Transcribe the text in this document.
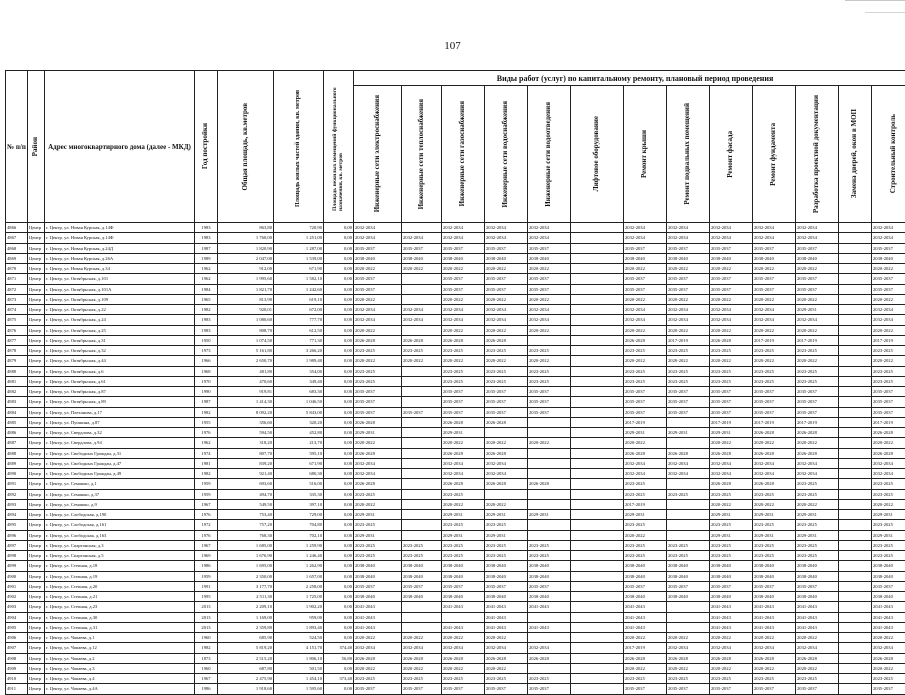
107
№ п/п	Район	Адрес многоквартирного дома (далее - МКД)	Год постройки	Общая площадь, кв.метров	Площадь жилых частей здания, кв. метров	Площадь нежилых помещений функционального назначения, кв. метров	Виды работ (услуг) по капитальному ремонту, плановый период проведения												

							Инженерные сети электроснабжения	Инженерные сети теплоснабжения	Инженерные сети газоснабжения	Инженерные сети водоснабжения	Инженерные сети водоотведения	Лифтовое оборудование	Ремонт крыши	Ремонт подвальных помещений	Ремонт фасада	Ремонт фундамента	Разработка проектной документации	Замена дверей, окон в МОП	Строительный контроль

4866	Центр	г. Центр, ул. Новая Курская, д.14Ф	1983	863,80	720,90	0,00	2032-2034		2032-2034	2032-2034	2032-2034		2032-2034	2032-2034	2032-2034	2032-2034	2032-2034		2032-2034
4867	Центр	г. Центр, ул. Новая Курская, д.14Ф	1983	1 760,00	1 251,00	0,00	2032-2034	2032-2034	2032-2034	2032-2034	2032-2034		2032-2034	2032-2034	2032-2034	2032-2034	2032-2034		2032-2034
4868	Центр	г. Центр, ул. Новая Курская, д.24Д	1987	1 820,90	1 287,00	0,00	2035-2037	2035-2037	2035-2037	2035-2037	2035-2037		2035-2037	2035-2037	2035-2037	2035-2037	2035-2037		2035-2037
4869	Центр	г. Центр, ул. Новая Курская, д.26А	1989	2 047,00	1 539,00	0,00	2038-2040	2038-2040	2038-2040	2038-2040	2038-2040		2038-2040	2038-2040	2038-2040	2038-2040	2038-2040		2038-2040
4870	Центр	г. Центр, ул. Новая Курская, д.34	1962	912,00	671,90	0,00	2020-2022	2020-2022	2020-2022	2020-2022	2020-2022		2020-2022	2020-2022	2020-2022	2020-2022	2020-2022		2020-2022
4871	Центр	г. Центр, ул. Октябрьская, д.101	1962	1 995,60	1 582,10	0,00	2035-2037		2035-2037	2035-2037	2035-2037		2035-2037	2035-2037	2035-2037	2035-2037	2035-2037		2035-2037
4872	Центр	г. Центр, ул. Октябрьская, д.101А	1984	1 821,70	1 242,60	0,00	2035-2037		2035-2037	2035-2037	2035-2037		2035-2037	2035-2037	2035-2037	2035-2037	2035-2037		2035-2037
4873	Центр	г. Центр, ул. Октябрьская, д.109	1965	813,90	619,10	0,00	2020-2022		2020-2022	2020-2022	2020-2022		2020-2022	2020-2022	2020-2022	2020-2022	2020-2022		2020-2022
4874	Центр	г. Центр, ул. Октябрьская, д.22	1982	920,01	672,00	0,00	2032-2034	2032-2034	2032-2034	2032-2034	2032-2034		2032-2034	2032-2034	2032-2034	2032-2034	2029-2031		2032-2034
4875	Центр	г. Центр, ул. Октябрьская, д.24	1983	1 080,60	777,70	0,00	2032-2034	2032-2034	2032-2034	2032-2034	2032-2034		2032-2034	2032-2034	2032-2034	2032-2034	2032-2034		2032-2034
4876	Центр	г. Центр, ул. Октябрьская, д.25	1983	808,70	612,50	0,00	2020-2022		2020-2022	2020-2022	2020-2022		2020-2022	2020-2022	2020-2022	2020-2022	2020-2022		2020-2022
4877	Центр	г. Центр, ул. Октябрьская, д.31	1950	1 074,50	771,30	0,00	2026-2028	2026-2028	2026-2028	2026-2028			2026-2028	2017-2019	2026-2028	2017-2019	2017-2019		2017-2019
4878	Центр	г. Центр, ул. Октябрьская, д.32	1973	5 161,80	3 266,20	0,00	2023-2025	2023-2025	2023-2025	2023-2025	2023-2025		2023-2025	2023-2025	2023-2025	2023-2025	2023-2025		2023-2025
4879	Центр	г. Центр, ул. Октябрьская, д.44	1966	2 650,70	1 989,40	0,00	2020-2022	2020-2022	2020-2022	2020-2022	2020-2022		2020-2022	2020-2022	2020-2022	2020-2022	2020-2022		2020-2022
4880	Центр	г. Центр, ул. Октябрьская, д.6	1968	481,80	354,00	0,00	2023-2025		2023-2025	2023-2025	2023-2025		2023-2025	2023-2025	2023-2025	2023-2025	2023-2025		2023-2025
4881	Центр	г. Центр, ул. Октябрьская, д.61	1970	470,60	349,40	0,00	2023-2025		2023-2025	2023-2025	2023-2025		2023-2025	2023-2025	2023-2025	2023-2025	2023-2025		2023-2025
4882	Центр	г. Центр, ул. Октябрьская, д.87	1990	919,81	683,30	0,00	2035-2037		2035-2037	2035-2037	2035-2037		2035-2037	2035-2037	2035-2037	2035-2037	2035-2037		2035-2037
4883	Центр	г. Центр, ул. Октябрьская, д.89	1987	1 414,30	1 046,50	0,00	2035-2037		2035-2037	2035-2037	2035-2037		2035-2037	2035-2037	2035-2037	2035-2037	2035-2037		2035-2037
4884	Центр	г. Центр, ул. Плеханова, д.17	1982	8 092,20	5 843,00	0,00	2035-2037	2035-2037	2035-2037	2035-2037	2035-2037		2035-2037	2035-2037	2035-2037	2035-2037	2035-2037		2035-2037
4885	Центр	г. Центр, ул. Пушкина, д.87	1955	356,60	320,20	0,00	2026-2028		2026-2028	2026-2028			2017-2019		2017-2019	2017-2019	2017-2019		2017-2019
4886	Центр	г. Центр, ул. Свердлова, д.32	1976	594,50	452,80	0,00	2029-2031		2029-2031				2029-2031	2029-2031	2029-2031	2026-2028	2026-2028		2026-2028
4887	Центр	г. Центр, ул. Свердлова, д.94	1962	318,20	213,70	0,00	2020-2022		2020-2022	2020-2022	2020-2022		2020-2022		2020-2022	2020-2022	2020-2022		2020-2022
4888	Центр	г. Центр, ул. Свободных Граждан, д.31	1974	807,70	595,10	0,00	2026-2028		2026-2028	2026-2028			2026-2028	2026-2028	2026-2028	2026-2028	2026-2028		2026-2028
4889	Центр	г. Центр, ул. Свободных Граждан, д.47	1981	839,20	671,90	0,00	2032-2034		2032-2034	2032-2034			2032-2034	2032-2034	2032-2034	2032-2034	2032-2034		2032-2034
4890	Центр	г. Центр, ул. Свободных Граждан, д.49	1982	921,40	680,30	0,00	2032-2034		2032-2034	2032-2034			2032-2034	2032-2034	2032-2034	2032-2034	2032-2034		2032-2034
4891	Центр	г. Центр, ул. Семашко, д.1	1959	693,60	516,00	0,00	2026-2028		2026-2028	2026-2028	2026-2028		2023-2025		2026-2028	2026-2028	2023-2025		2023-2025
4892	Центр	г. Центр, ул. Семашко, д.37	1959	494,70	335,30	0,00	2023-2025		2023-2025				2023-2025	2023-2025	2023-2025	2023-2025	2023-2025		2023-2025
4893	Центр	г. Центр, ул. Семашко, д.9	1967	549,50	397,10	0,00	2020-2022		2020-2022	2020-2022			2017-2019		2020-2022	2020-2022	2020-2022		2020-2022
4894	Центр	г. Центр, ул. Слободская, д.190	1976	753,40	729,00	0,00	2029-2031		2029-2031	2029-2031	2029-2031		2029-2031		2029-2031	2029-2031	2029-2031		2029-2031
4895	Центр	г. Центр, ул. Слободская, д.161	1972	757,20	704,80	0,00	2023-2025		2023-2025	2023-2025			2023-2025		2023-2025	2023-2025	2023-2025		2023-2025
4896	Центр	г. Центр, ул. Слободская, д.163	1976	768,30	702,10	0,00	2029-2031		2029-2031	2029-2031			2020-2022		2029-2031	2029-2031	2029-2031		2029-2031
4897	Центр	г. Центр, ул. Спартанская, д.3	1967	1 685,00	1 259,90	0,00	2023-2025	2023-2025	2023-2025	2023-2025	2023-2025		2023-2025	2023-2025	2023-2025	2023-2025	2023-2025		2023-2025
4898	Центр	г. Центр, ул. Спартанская, д.5	1969	1 676,90	1 246,40	0,00	2023-2025	2023-2025	2023-2025	2023-2025	2023-2025		2023-2025	2023-2025	2023-2025	2023-2025	2023-2025		2023-2025
4899	Центр	г. Центр, ул. Степная, д.18	1986	1 695,00	1 262,90	0,00	2038-2040	2038-2040	2038-2040	2038-2040	2038-2040		2038-2040	2038-2040	2038-2040	2038-2040	2038-2040		2038-2040
4900	Центр	г. Центр, ул. Степная, д.19	1959	2 350,00	1 657,00	0,00	2038-2040	2038-2040	2038-2040	2038-2040	2038-2040		2038-2040	2038-2040	2038-2040	2038-2040	2038-2040		2038-2040
4901	Центр	г. Центр, ул. Степная, д.20	1991	3 177,70	2 258,00	0,00	2035-2037	2035-2037	2035-2037	2035-2037	2035-2037		2035-2037	2035-2037	2035-2037	2035-2037	2035-2037		2035-2037
4902	Центр	г. Центр, ул. Степная, д.21	1995	2 511,30	1 725,00	0,00	2038-2040	2038-2040	2038-2040	2038-2040	2038-2040		2038-2040	2038-2040	2038-2040	2038-2040	2038-2040		2038-2040
4903	Центр	г. Центр, ул. Степная, д.23	2013	2 209,10	1 902,20	0,00	2041-2043		2041-2043	2041-2043	2041-2043		2041-2043		2041-2043	2041-2043	2041-2043		2041-2043
4904	Центр	г. Центр, ул. Степная, д.30	2013	1 169,00	959,00	0,00	2041-2043			2041-2043			2041-2043		2041-2043	2041-2043	2041-2043		2041-2043
4905	Центр	г. Центр, ул. Степная, д.31	2013	2 359,80	1 893,40	0,00	2041-2043		2041-2043	2041-2043	2041-2043		2041-2043		2041-2043	2041-2043	2041-2043		2041-2043
4906	Центр	г. Центр, ул. Чапаева, д.1	1960	685,90	524,50	0,00	2020-2022	2020-2022	2020-2022	2020-2022			2020-2022	2020-2022	2020-2022	2020-2022	2020-2022		2020-2022
4907	Центр	г. Центр, ул. Чапаева, д.12	1982	5 819,20	4 151,70	374,40	2032-2034	2032-2034	2032-2034	2032-2034	2032-2034		2017-2019	2032-2034	2032-2034	2032-2034	2032-2034		2032-2034
4908	Центр	г. Центр, ул. Чапаева, д.2	1873	2 515,20	1 806,10	56,80	2026-2028	2026-2028	2026-2028	2026-2028	2026-2028		2026-2028	2026-2028	2026-2028	2026-2028	2026-2028		2026-2028
4909	Центр	г. Центр, ул. Чапаева, д.3	1960	687,80	501,50	0,00	2020-2022	2020-2022	2020-2022	2020-2022			2020-2022	2020-2022	2020-2022	2020-2022	2020-2022		2020-2022
4910	Центр	г. Центр, ул. Чапаева, д.4	1967	2 475,90	1 454,10	373,40	2023-2025	2023-2025	2023-2025	2023-2025	2023-2025		2023-2025	2023-2025	2023-2025	2023-2025	2023-2025		2023-2025
4911	Центр	г. Центр, ул. Чапаева, д.4А	1986	1 918,60	1 595,60	0,00	2035-2037	2035-2037	2035-2037	2035-2037	2035-2037		2035-2037	2035-2037	2035-2037	2035-2037	2035-2037		2035-2037
